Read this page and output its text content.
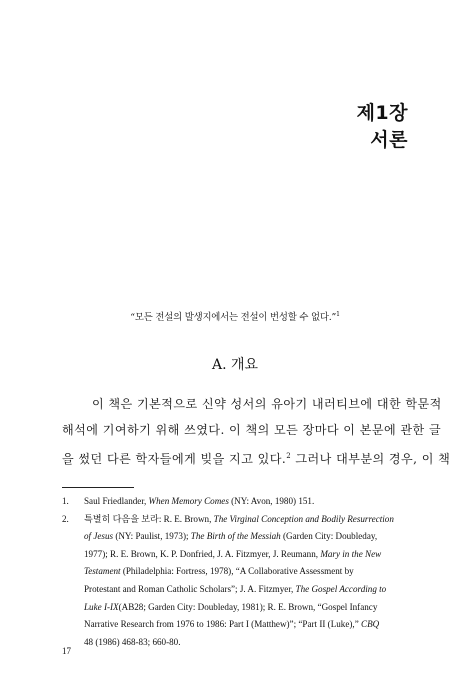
제1장
서론
“모든 전설의 발생지에서는 전설이 번성할 수 없다.”$^1$
A. 개요
이 책은 기본적으로 신약 성서의 유아기 내러티브에 대한 학문적
해석에 기여하기 위해 쓰였다. 이 책의 모든 장마다 이 본문에 관한 글
을 썼던 다른 학자들에게 빚을 지고 있다.$^2$ 그러나 대부분의 경우, 이 책
1.	Saul Friedlander, When Memory Comes (NY: Avon, 1980) 151.
2.	특별히 다음을 보라: R. E. Brown, The Virginal Conception and Bodily Resurrection
of Jesus (NY: Paulist, 1973); The Birth of the Messiah (Garden City: Doubleday,
1977); R. E. Brown, K. P. Donfried, J. A. Fitzmyer, J. Reumann, Mary in the New
Testament (Philadelphia: Fortress, 1978), “A Collaborative Assessment by
Protestant and Roman Catholic Scholars”; J. A. Fitzmyer, The Gospel According to
Luke I-IX(AB28; Garden City: Doubleday, 1981); R. E. Brown, “Gospel Infancy
Narrative Research from 1976 to 1986: Part I (Matthew)”; “Part II (Luke),” CBQ
48 (1986) 468-83; 660-80.
17
